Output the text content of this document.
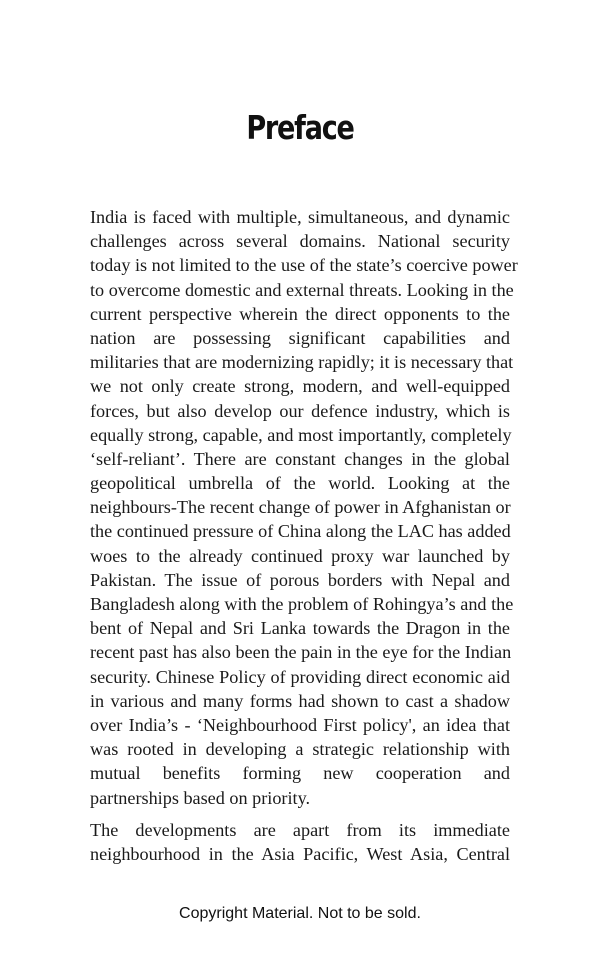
Preface
India is faced with multiple, simultaneous, and dynamic
challenges across several domains. National security
today is not limited to the use of the state’s coercive power
to overcome domestic and external threats. Looking in the
current perspective wherein the direct opponents to the
nation are possessing significant capabilities and
militaries that are modernizing rapidly; it is necessary that
we not only create strong, modern, and well-equipped
forces, but also develop our defence industry, which is
equally strong, capable, and most importantly, completely
‘self-reliant’. There are constant changes in the global
geopolitical umbrella of the world. Looking at the
neighbours-The recent change of power in Afghanistan or
the continued pressure of China along the LAC has added
woes to the already continued proxy war launched by
Pakistan. The issue of porous borders with Nepal and
Bangladesh along with the problem of Rohingya’s and the
bent of Nepal and Sri Lanka towards the Dragon in the
recent past has also been the pain in the eye for the Indian
security. Chinese Policy of providing direct economic aid
in various and many forms had shown to cast a shadow
over India’s - ‘Neighbourhood First policy', an idea that
was rooted in developing a strategic relationship with
mutual benefits forming new cooperation and
partnerships based on priority.
The developments are apart from its immediate
neighbourhood in the Asia Pacific, West Asia, Central
Copyright Material. Not to be sold.
